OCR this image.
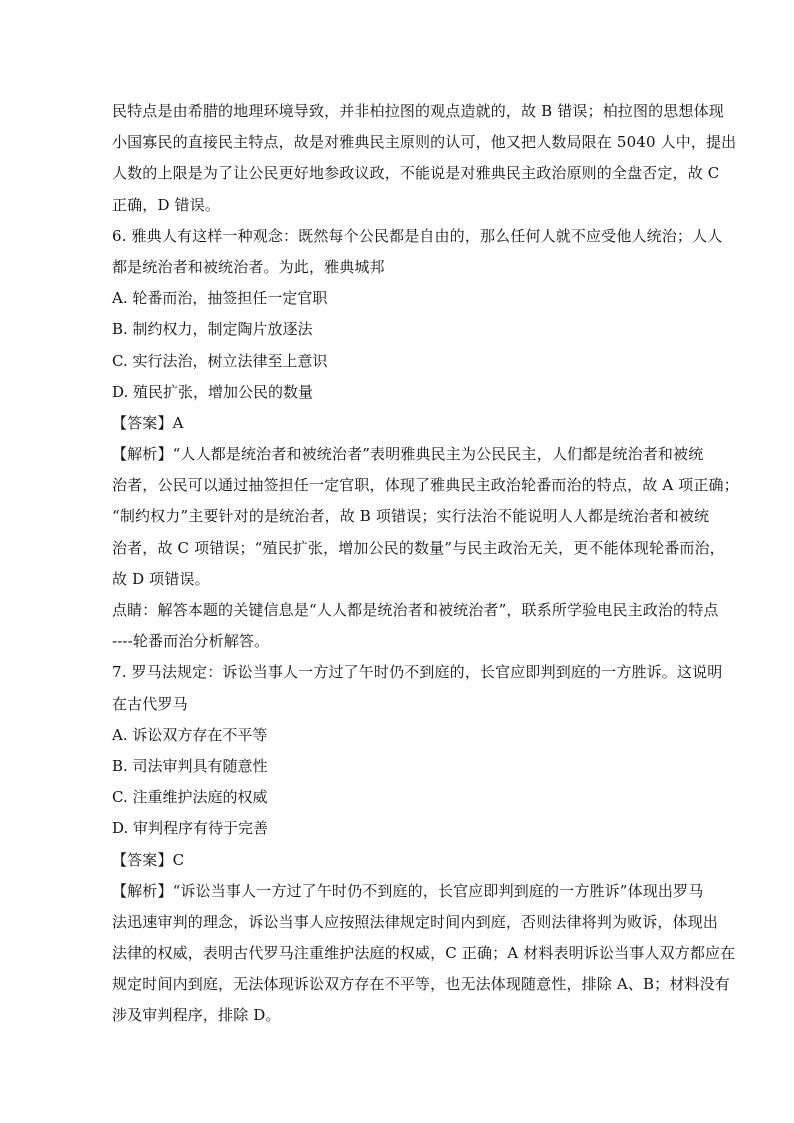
民特点是由希腊的地理环境导致，并非柏拉图的观点造就的，故 B 错误；柏拉图的思想体现
小国寡民的直接民主特点，故是对雅典民主原则的认可，他又把人数局限在 5040 人中，提出
人数的上限是为了让公民更好地参政议政，不能说是对雅典民主政治原则的全盘否定，故 C
正确，D 错误。
6. 雅典人有这样一种观念：既然每个公民都是自由的，那么任何人就不应受他人统治；人人
都是统治者和被统治者。为此，雅典城邦
A. 轮番而治，抽签担任一定官职
B. 制约权力，制定陶片放逐法
C. 实行法治，树立法律至上意识
D. 殖民扩张，增加公民的数量
【答案】A
【解析】“人人都是统治者和被统治者”表明雅典民主为公民民主，人们都是统治者和被统
治者，公民可以通过抽签担任一定官职，体现了雅典民主政治轮番而治的特点，故 A 项正确；
“制约权力”主要针对的是统治者，故 B 项错误；实行法治不能说明人人都是统治者和被统
治者，故 C 项错误；“殖民扩张，增加公民的数量”与民主政治无关，更不能体现轮番而治，
故 D 项错误。
点睛：解答本题的关键信息是“人人都是统治者和被统治者”，联系所学验电民主政治的特点
----轮番而治分析解答。
7. 罗马法规定：诉讼当事人一方过了午时仍不到庭的，长官应即判到庭的一方胜诉。这说明
在古代罗马
A. 诉讼双方存在不平等
B. 司法审判具有随意性
C. 注重维护法庭的权威
D. 审判程序有待于完善
【答案】C
【解析】“诉讼当事人一方过了午时仍不到庭的，长官应即判到庭的一方胜诉”体现出罗马
法迅速审判的理念，诉讼当事人应按照法律规定时间内到庭，否则法律将判为败诉，体现出
法律的权威，表明古代罗马注重维护法庭的权威，C 正确；A 材料表明诉讼当事人双方都应在
规定时间内到庭，无法体现诉讼双方存在不平等，也无法体现随意性，排除 A、B；材料没有
涉及审判程序，排除 D。
